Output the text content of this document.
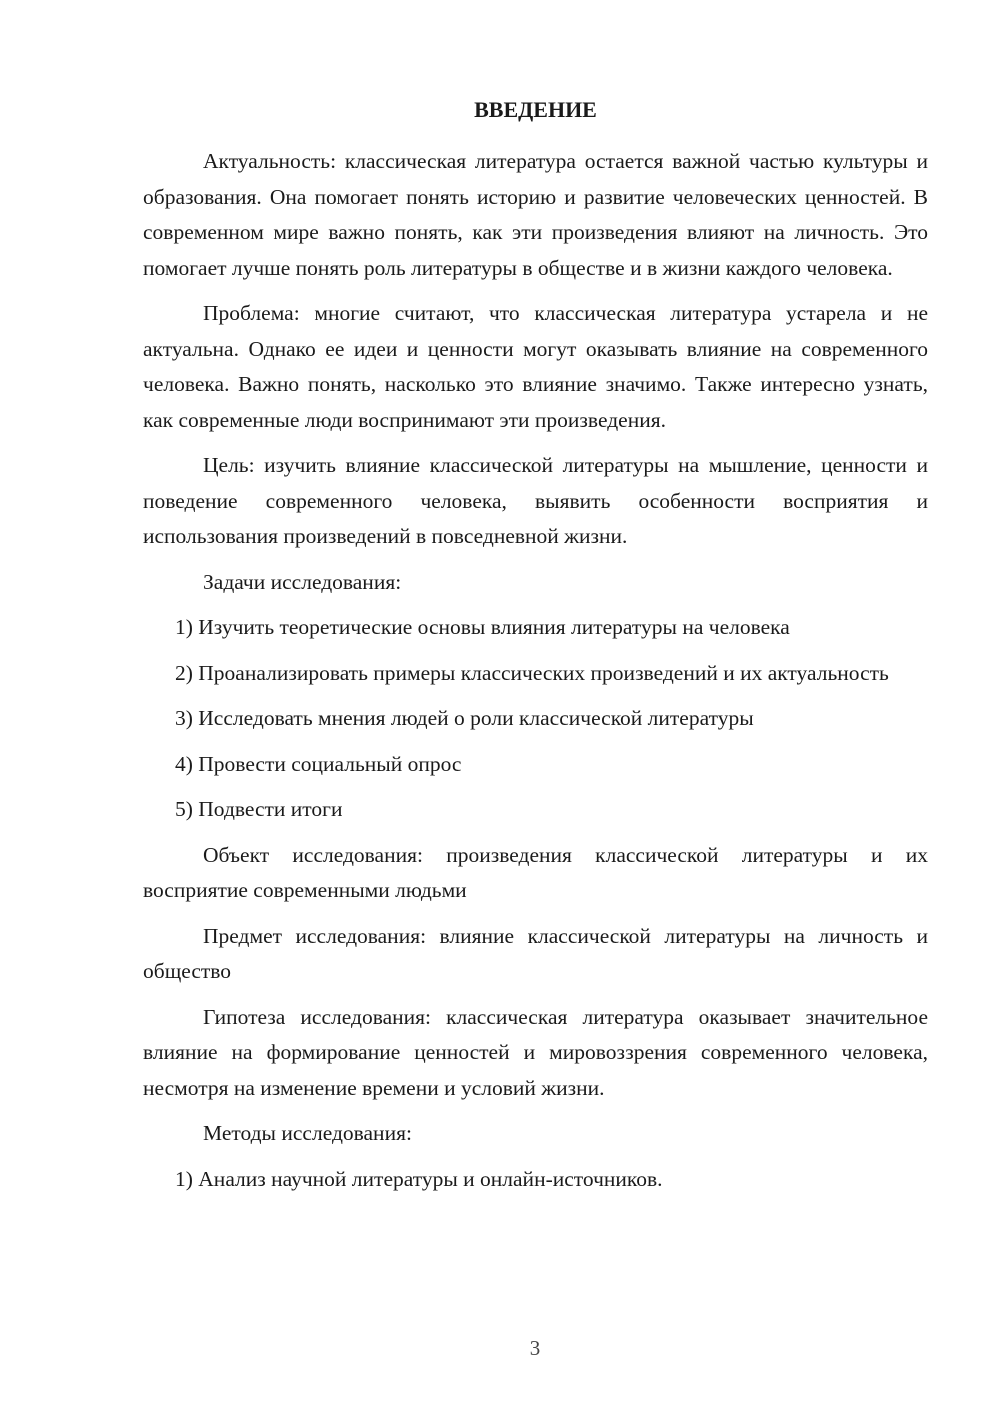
ВВЕДЕНИЕ

Актуальность: классическая литература остается важной частью культуры и образования. Она помогает понять историю и развитие человеческих ценностей. В современном мире важно понять, как эти произведения влияют на личность. Это помогает лучше понять роль литературы в обществе и в жизни каждого человека.

Проблема: многие считают, что классическая литература устарела и не актуальна. Однако ее идеи и ценности могут оказывать влияние на современного человека. Важно понять, насколько это влияние значимо. Также интересно узнать, как современные люди воспринимают эти произведения.

Цель: изучить влияние классической литературы на мышление, ценности и поведение современного человека, выявить особенности восприятия и использования произведений в повседневной жизни.

Задачи исследования:

1) Изучить теоретические основы влияния литературы на человека

2) Проанализировать примеры классических произведений и их актуальность

3) Исследовать мнения людей о роли классической литературы

4) Провести социальный опрос

5) Подвести итоги

Объект исследования: произведения классической литературы и их восприятие современными людьми

Предмет исследования: влияние классической литературы на личность и общество

Гипотеза исследования: классическая литература оказывает значительное влияние на формирование ценностей и мировоззрения современного человека, несмотря на изменение времени и условий жизни.

Методы исследования:

1) Анализ научной литературы и онлайн-источников.

3
